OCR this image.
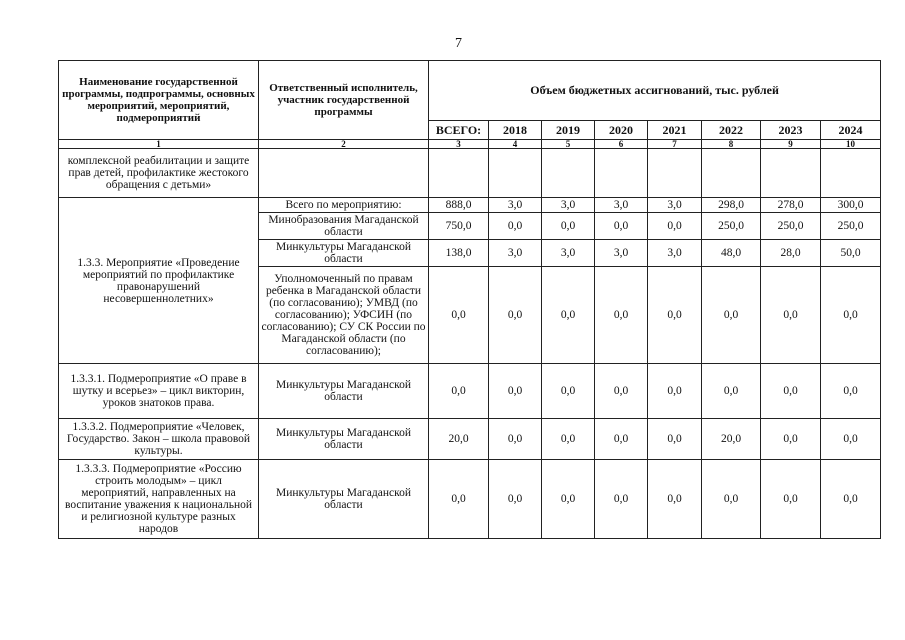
7
Наименование государственной программы, подпрограммы, основных мероприятий, мероприятий, подмероприятий	Ответственный исполнитель, участник государственной программы	Объем бюджетных ассигнований, тыс. рублей							
		ВСЕГО:	2018	2019	2020	2021	2022	2023	2024
1	2	3	4	5	6	7	8	9	10
комплексной реабилитации и защите прав детей, профилактике жестокого обращения с детьми»									
1.3.3. Мероприятие «Проведение мероприятий по профилактике правонарушений несовершеннолетних»	Всего по мероприятию:	888,0	3,0	3,0	3,0	3,0	298,0	278,0	300,0
	Минобразования Магаданской области	750,0	0,0	0,0	0,0	0,0	250,0	250,0	250,0
	Минкультуры Магаданской области	138,0	3,0	3,0	3,0	3,0	48,0	28,0	50,0
	Уполномоченный по правам ребенка в Магаданской области (по согласованию); УМВД (по согласованию); УФСИН (по согласованию); СУ СК России по Магаданской области (по согласованию);	0,0	0,0	0,0	0,0	0,0	0,0	0,0	0,0
1.3.3.1. Подмероприятие «О праве в шутку и всерьез» – цикл викторин, уроков знатоков права.	Минкультуры Магаданской области	0,0	0,0	0,0	0,0	0,0	0,0	0,0	0,0
1.3.3.2. Подмероприятие «Человек, Государство. Закон – школа правовой культуры.	Минкультуры Магаданской области	20,0	0,0	0,0	0,0	0,0	20,0	0,0	0,0
1.3.3.3. Подмероприятие «Россию строить молодым» – цикл мероприятий, направленных на воспитание уважения к национальной и религиозной культуре разных народов	Минкультуры Магаданской области	0,0	0,0	0,0	0,0	0,0	0,0	0,0	0,0
